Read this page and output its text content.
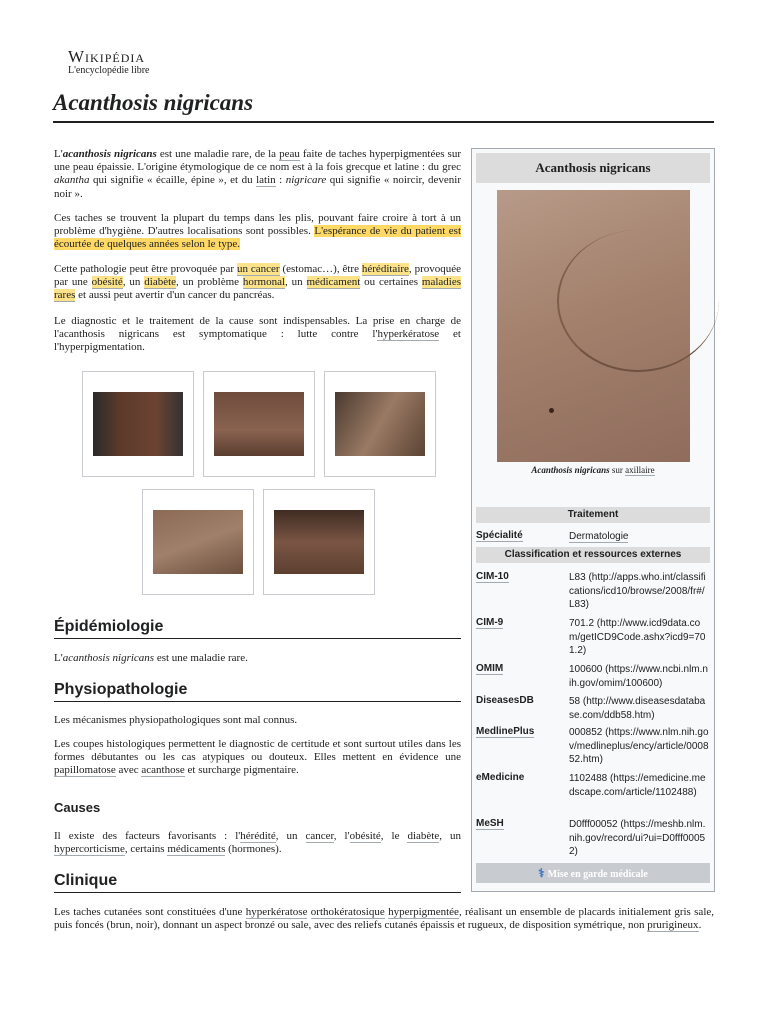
Wikipédia
L'encyclopédie libre
Acanthosis nigricans

L'acanthosis nigricans est une maladie rare, de la peau faite de taches hyperpigmentées sur une peau épaissie. L'origine étymologique de ce nom est à la fois grecque et latine : du grec akantha qui signifie « écaille, épine », et du latin : nigricare qui signifie « noircir, devenir noir ».

Ces taches se trouvent la plupart du temps dans les plis, pouvant faire croire à tort à un problème d'hygiène. D'autres localisations sont possibles. L'espérance de vie du patient est écourtée de quelques années selon le type.

Cette pathologie peut être provoquée par un cancer (estomac…), être héréditaire, provoquée par une obésité, un diabète, un problème hormonal, un médicament ou certaines maladies rares et aussi peut avertir d'un cancer du pancréas.

Le diagnostic et le traitement de la cause sont indispensables. La prise en charge de l'acanthosis nigricans est symptomatique : lutte contre l'hyperkératose et l'hyperpigmentation.

Épidémiologie

L'acanthosis nigricans est une maladie rare.

Physiopathologie

Les mécanismes physiopathologiques sont mal connus.

Les coupes histologiques permettent le diagnostic de certitude et sont surtout utiles dans les formes débutantes ou les cas atypiques ou douteux. Elles mettent en évidence une papillomatose avec acanthose et surcharge pigmentaire.

Causes

Il existe des facteurs favorisants : l'hérédité, un cancer, l'obésité, le diabète, un hypercorticisme, certains médicaments (hormones).

Clinique

Les taches cutanées sont constituées d'une hyperkératose orthokératosique hyperpigmentée, réalisant un ensemble de placards initialement gris sale, puis foncés (brun, noir), donnant un aspect bronzé ou sale, avec des reliefs cutanés épaissis et rugueux, de disposition symétrique, non prurigineux.

Acanthosis nigricans
Acanthosis nigricans sur axillaire
Traitement
Spécialité	Dermatologie
Classification et ressources externes
CIM-10	L83 (http://apps.who.int/classifications/icd10/browse/2008/fr#/L83)
CIM-9	701.2 (http://www.icd9data.com/getICD9Code.ashx?icd9=701.2)
OMIM	100600 (https://www.ncbi.nlm.nih.gov/omim/100600)
DiseasesDB	58 (http://www.diseasesdatabase.com/ddb58.htm)
MedlinePlus	000852 (https://www.nlm.nih.gov/medlineplus/ency/article/000852.htm)
eMedicine	1102488 (https://emedicine.medscape.com/article/1102488)
MeSH	D0fff00052 (https://meshb.nlm.nih.gov/record/ui?ui=D0fff00052)
⚕ Mise en garde médicale
